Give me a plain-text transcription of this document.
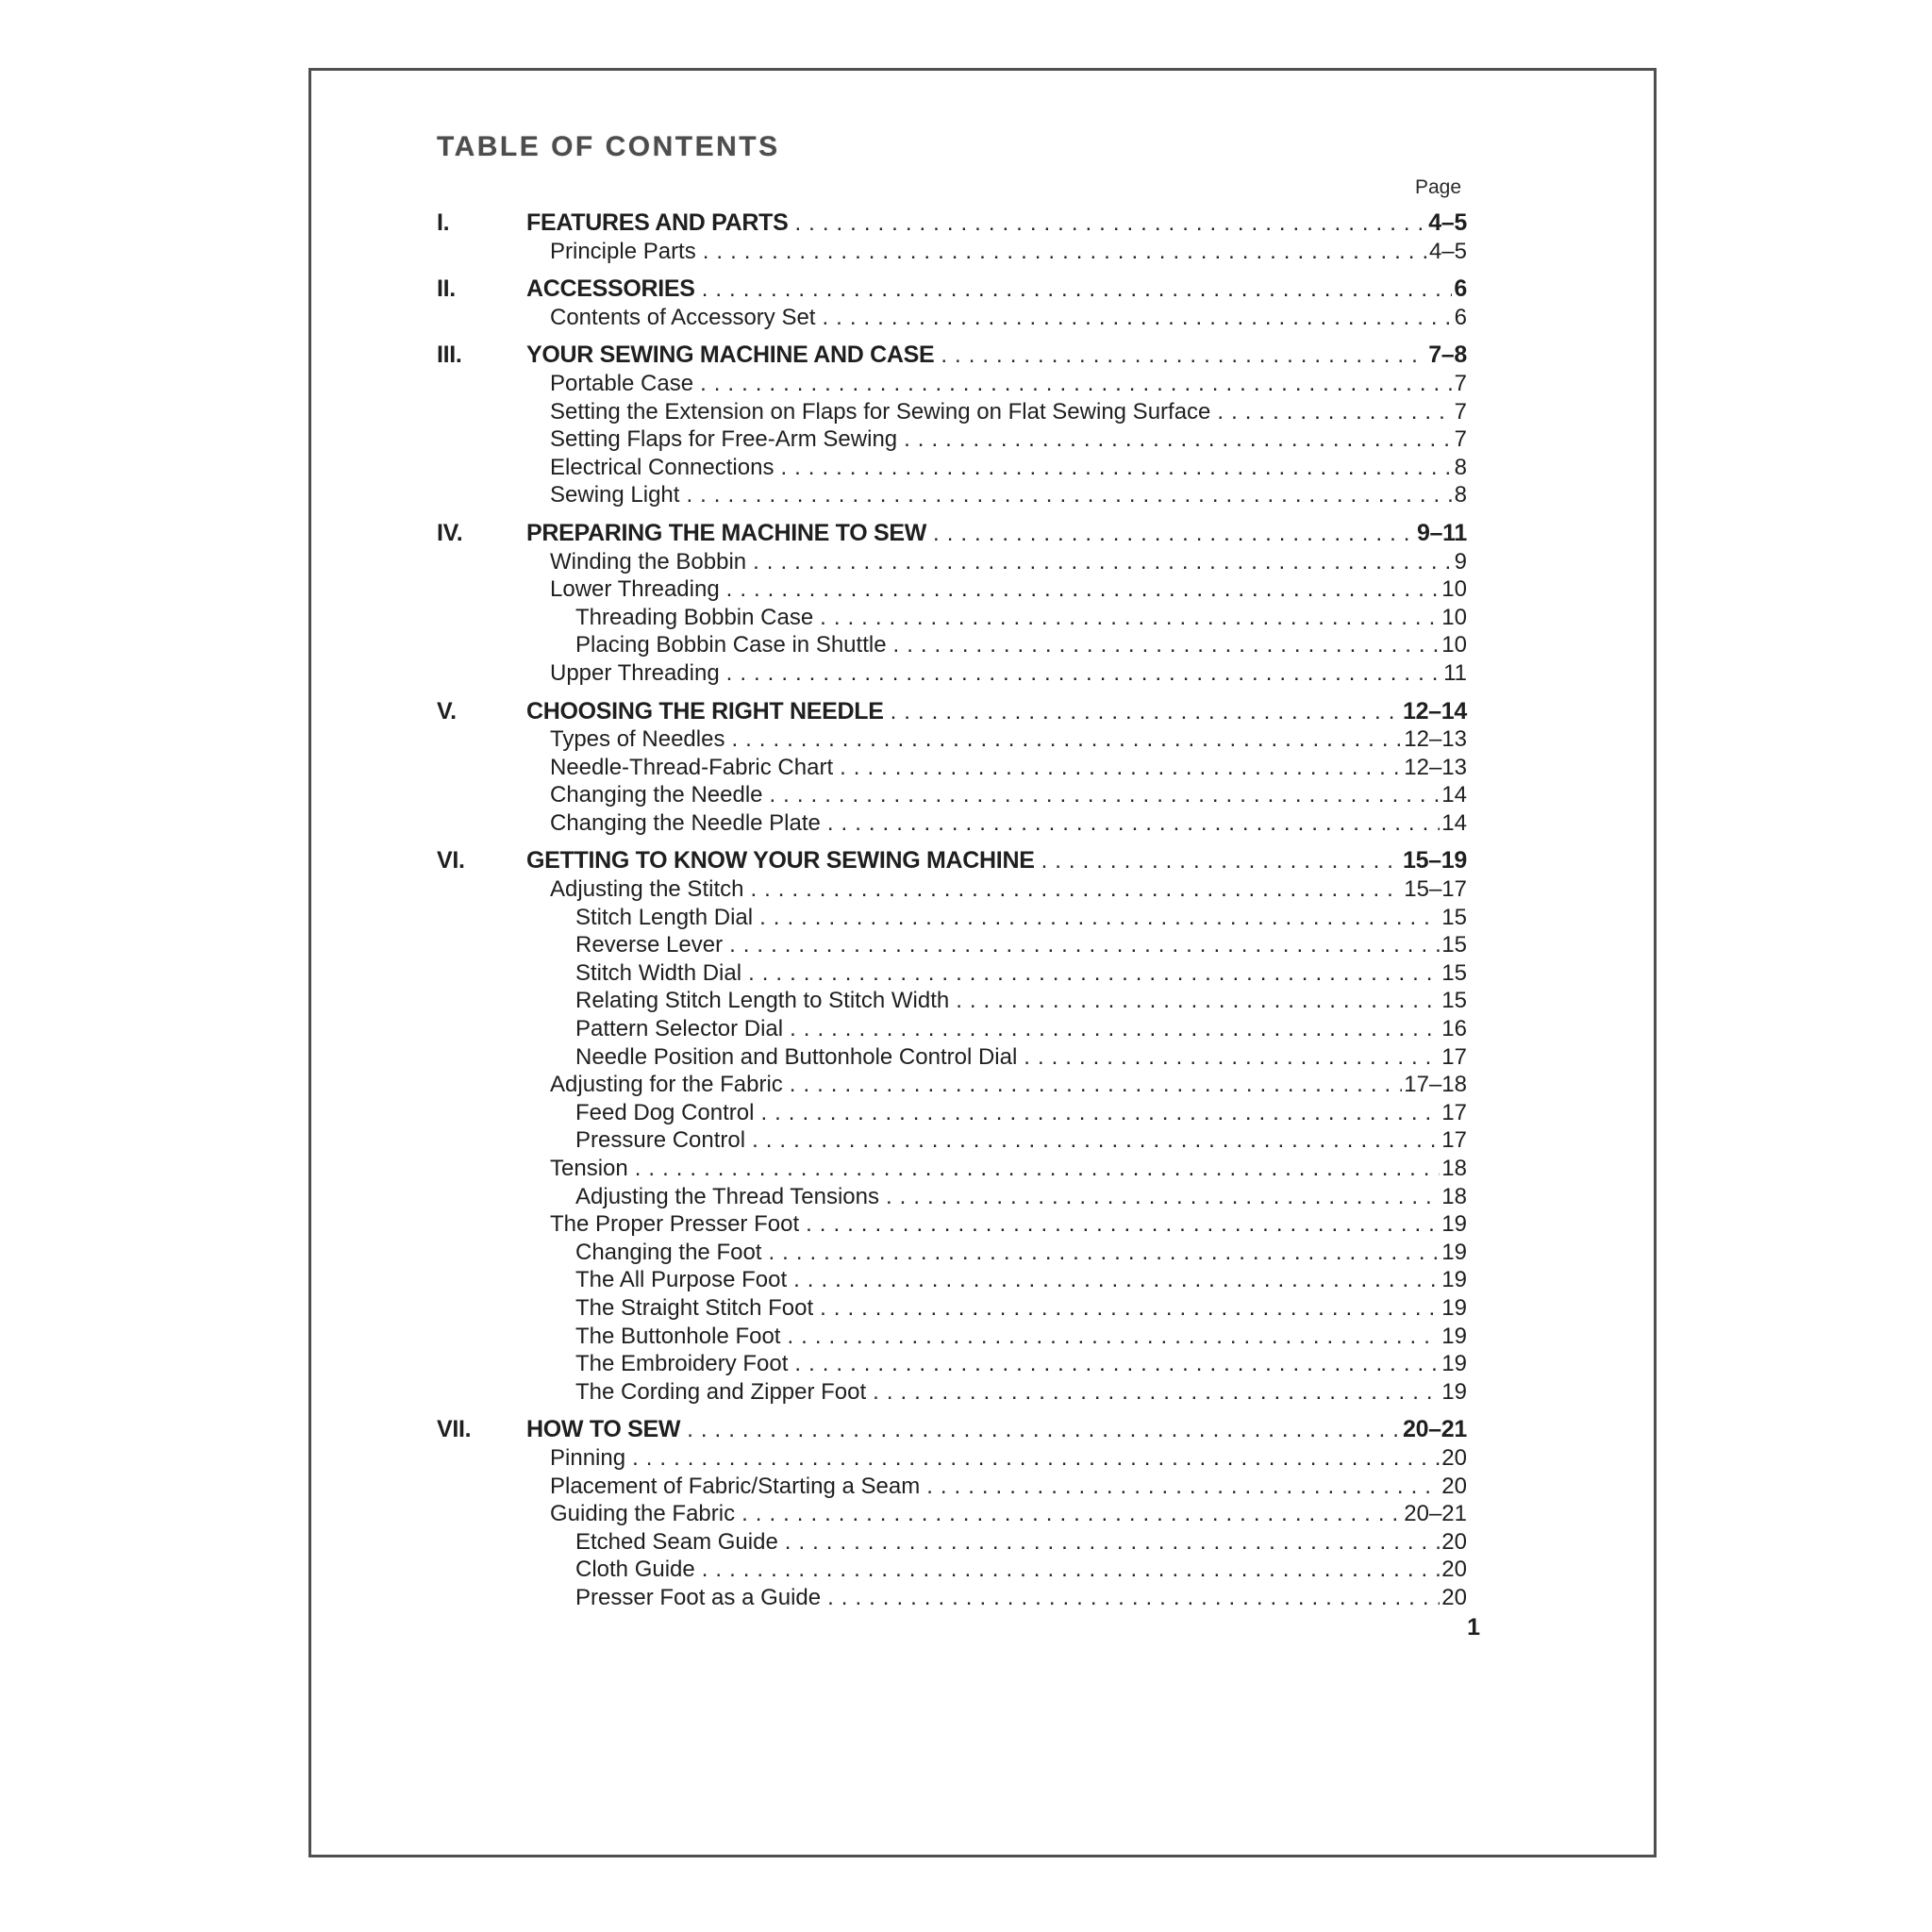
TABLE OF CONTENTS
Page
I.	FEATURES AND PARTS .....	4–5
Principle Parts .....	4–5
II.	ACCESSORIES .....	6
Contents of Accessory Set .....	6
III.	YOUR SEWING MACHINE AND CASE .....	7–8
Portable Case .....	7
Setting the Extension on Flaps for Sewing on Flat Sewing Surface .....	7
Setting Flaps for Free-Arm Sewing .....	7
Electrical Connections .....	8
Sewing Light .....	8
IV.	PREPARING THE MACHINE TO SEW .....	9–11
Winding the Bobbin .....	9
Lower Threading .....	10
Threading Bobbin Case .....	10
Placing Bobbin Case in Shuttle .....	10
Upper Threading .....	11
V.	CHOOSING THE RIGHT NEEDLE .....	12–14
Types of Needles .....	12–13
Needle-Thread-Fabric Chart .....	12–13
Changing the Needle .....	14
Changing the Needle Plate .....	14
VI.	GETTING TO KNOW YOUR SEWING MACHINE .....	15–19
Adjusting the Stitch .....	15–17
Stitch Length Dial .....	15
Reverse Lever .....	15
Stitch Width Dial .....	15
Relating Stitch Length to Stitch Width .....	15
Pattern Selector Dial .....	16
Needle Position and Buttonhole Control Dial .....	17
Adjusting for the Fabric .....	17–18
Feed Dog Control .....	17
Pressure Control .....	17
Tension .....	18
Adjusting the Thread Tensions .....	18
The Proper Presser Foot .....	19
Changing the Foot .....	19
The All Purpose Foot .....	19
The Straight Stitch Foot .....	19
The Buttonhole Foot .....	19
The Embroidery Foot .....	19
The Cording and Zipper Foot .....	19
VII.	HOW TO SEW .....	20–21
Pinning .....	20
Placement of Fabric/Starting a Seam .....	20
Guiding the Fabric .....	20–21
Etched Seam Guide .....	20
Cloth Guide .....	20
Presser Foot as a Guide .....	20
1
